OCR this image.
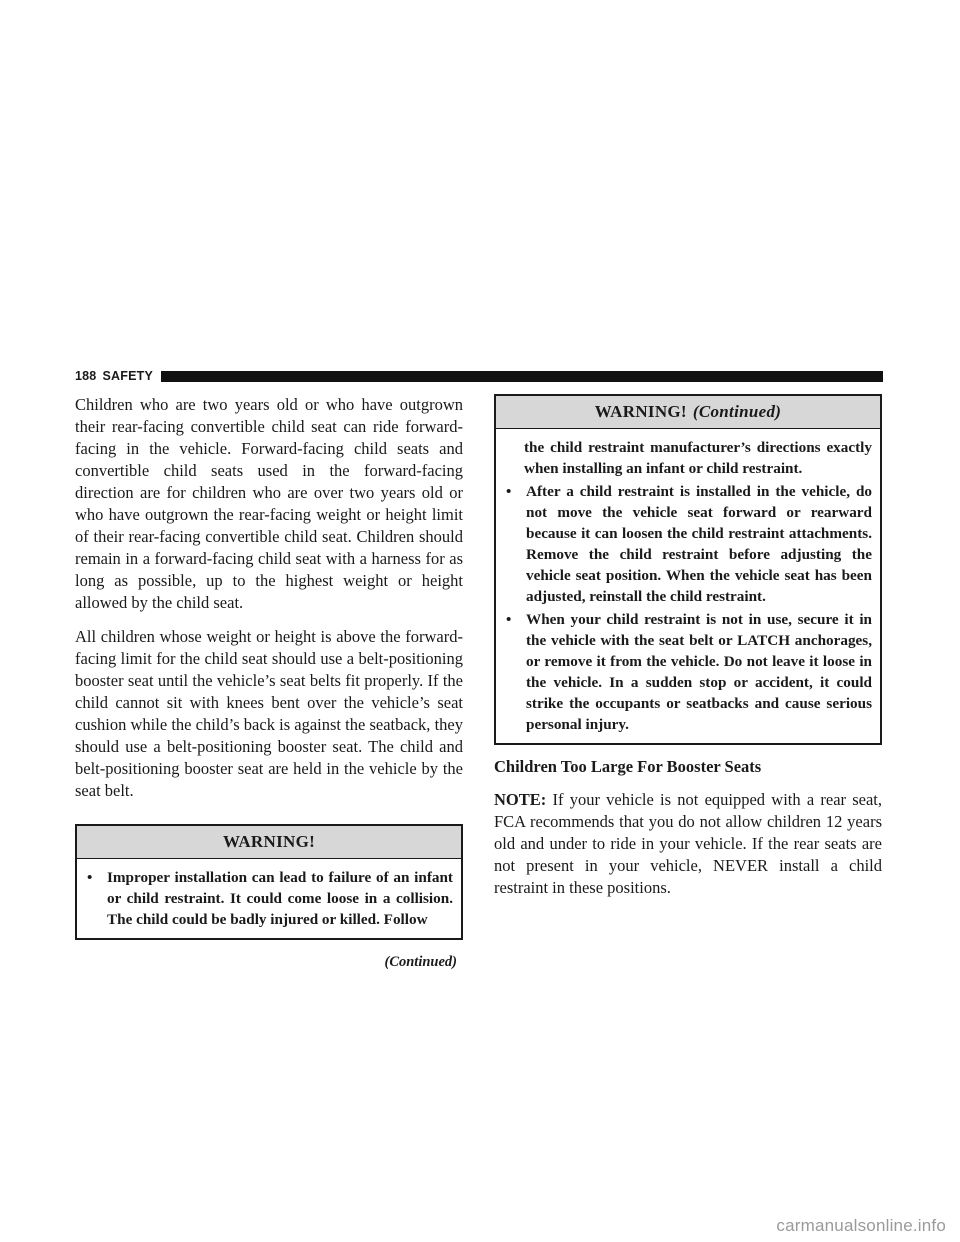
188 SAFETY

Children who are two years old or who have outgrown their rear-facing convertible child seat can ride forward-facing in the vehicle. Forward-facing child seats and convertible child seats used in the forward-facing direction are for children who are over two years old or who have outgrown the rear-facing weight or height limit of their rear-facing convertible child seat. Children should remain in a forward-facing child seat with a harness for as long as possible, up to the highest weight or height allowed by the child seat.

All children whose weight or height is above the forward-facing limit for the child seat should use a belt-positioning booster seat until the vehicle’s seat belts fit properly. If the child cannot sit with knees bent over the vehicle’s seat cushion while the child’s back is against the seatback, they should use a belt-positioning booster seat. The child and belt-positioning booster seat are held in the vehicle by the seat belt.

WARNING!
• Improper installation can lead to failure of an infant or child restraint. It could come loose in a collision. The child could be badly injured or killed. Follow
(Continued)
WARNING! (Continued)
the child restraint manufacturer’s directions exactly when installing an infant or child restraint.
• After a child restraint is installed in the vehicle, do not move the vehicle seat forward or rearward because it can loosen the child restraint attachments. Remove the child restraint before adjusting the vehicle seat position. When the vehicle seat has been adjusted, reinstall the child restraint.
• When your child restraint is not in use, secure it in the vehicle with the seat belt or LATCH anchorages, or remove it from the vehicle. Do not leave it loose in the vehicle. In a sudden stop or accident, it could strike the occupants or seatbacks and cause serious personal injury.
Children Too Large For Booster Seats

NOTE: If your vehicle is not equipped with a rear seat, FCA recommends that you do not allow children 12 years old and under to ride in your vehicle. If the rear seats are not present in your vehicle, NEVER install a child restraint in these positions.

carmanualsonline.info
